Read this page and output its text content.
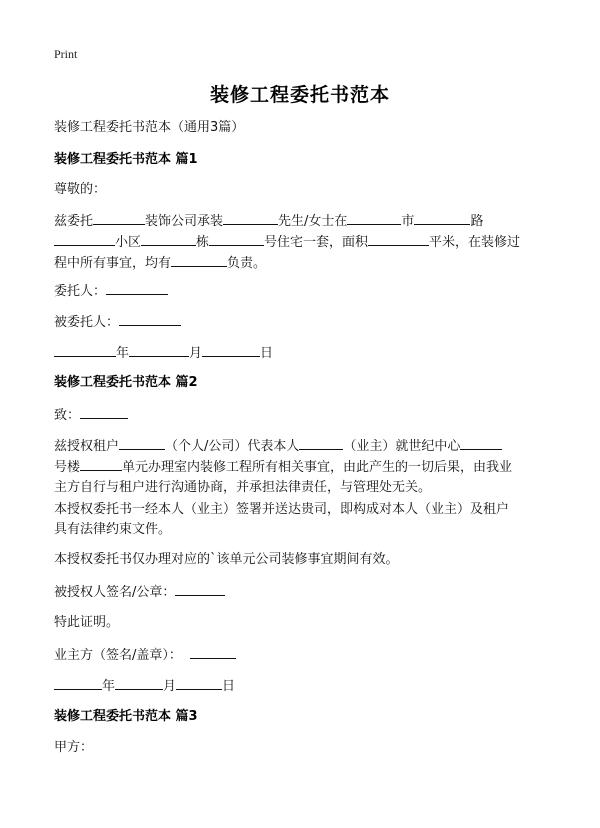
Print
装修工程委托书范本
装修工程委托书范本（通用3篇）
装修工程委托书范本 篇1
尊敬的：
兹委托	装饰公司承装	先生/女士在	市	路
小区	栋	号住宅一套，面积	平米，在装修过
程中所有事宜，均有	负责。
委托人：
被委托人：
年	月	日
装修工程委托书范本 篇2
致：
兹授权租户	（个人/公司）代表本人	（业主）就世纪中心
号楼	单元办理室内装修工程所有相关事宜，由此产生的一切后果，由我业
主方自行与租户进行沟通协商，并承担法律责任，与管理处无关。
本授权委托书一经本人（业主）签署并送达贵司，即构成对本人（业主）及租户
具有法律约束文件。
本授权委托书仅办理对应的`该单元公司装修事宜期间有效。
被授权人签名/公章：
特此证明。
业主方（签名/盖章）：
年	月	日
装修工程委托书范本 篇3
甲方：
